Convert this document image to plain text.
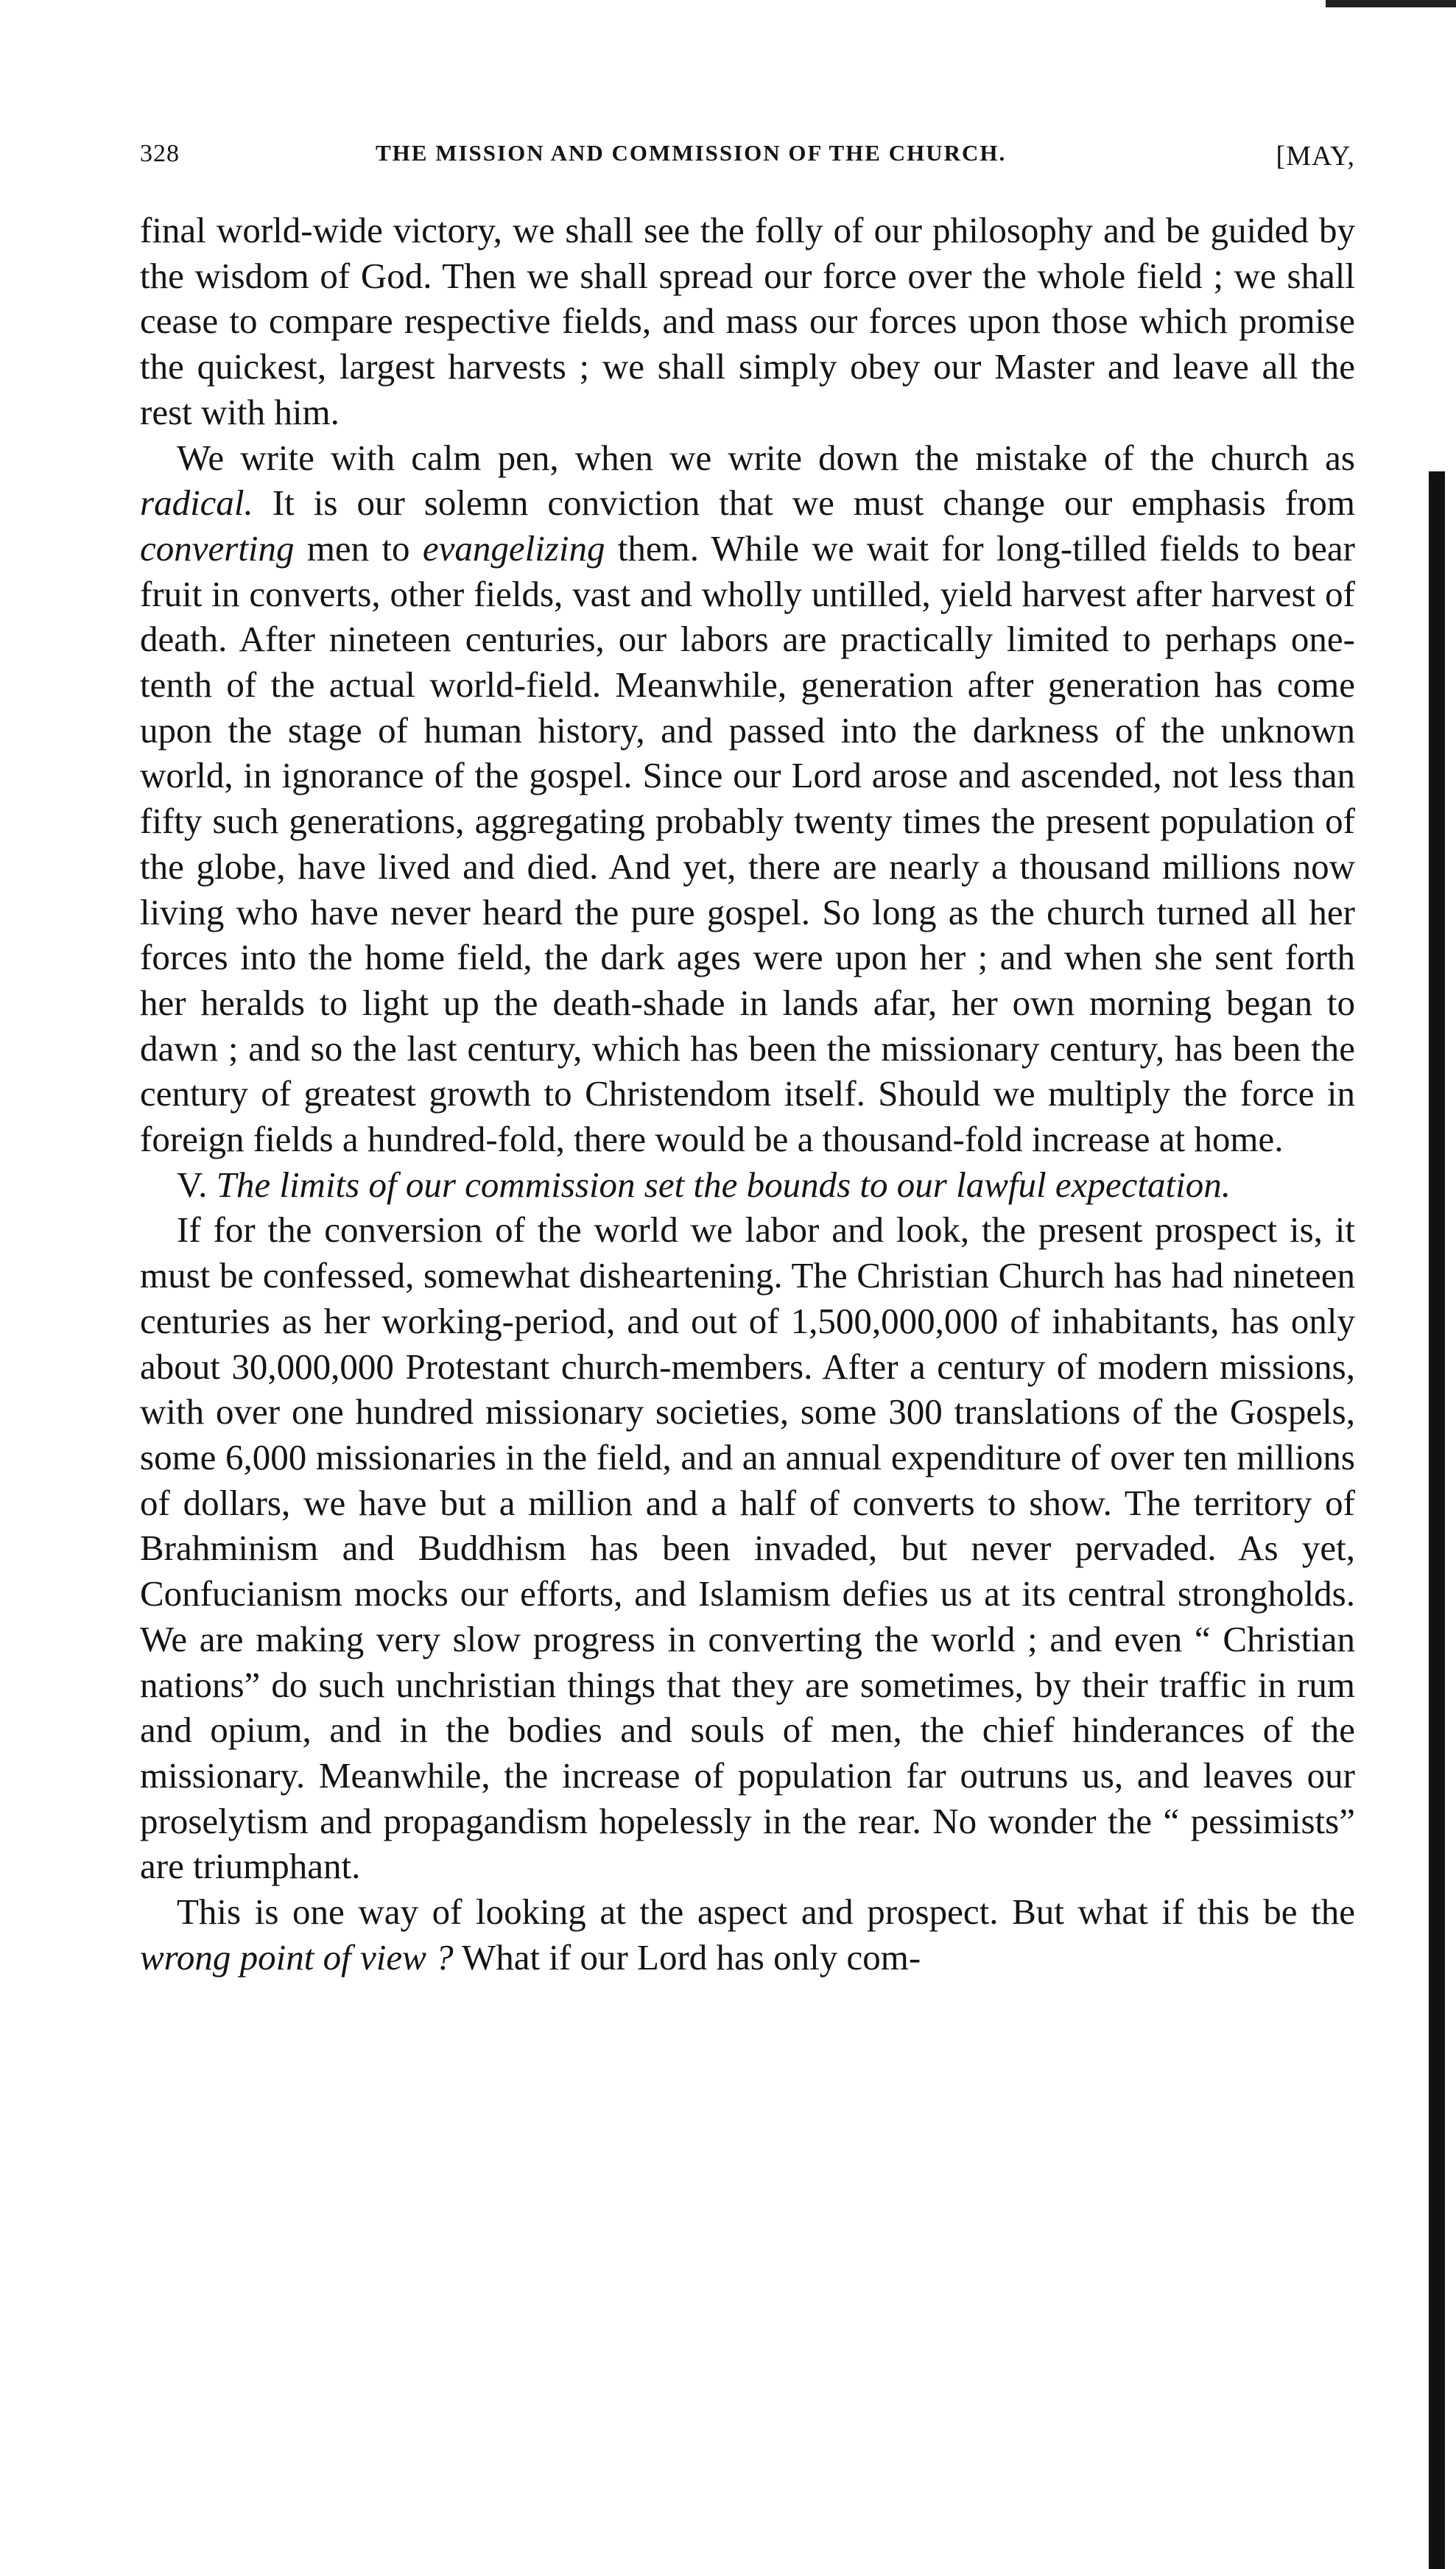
328	THE MISSION AND COMMISSION OF THE CHURCH.	[MAY,

final world-wide victory, we shall see the folly of our philosophy and be guided by the wisdom of God. Then we shall spread our force over the whole field ; we shall cease to compare respective fields, and mass our forces upon those which promise the quickest, largest harvests ; we shall simply obey our Master and leave all the rest with him.

We write with calm pen, when we write down the mistake of the church as radical. It is our solemn conviction that we must change our emphasis from converting men to evangelizing them. While we wait for long-tilled fields to bear fruit in converts, other fields, vast and wholly untilled, yield harvest after harvest of death. After nineteen centuries, our labors are practically limited to perhaps one-tenth of the actual world-field. Meanwhile, generation after generation has come upon the stage of human history, and passed into the darkness of the unknown world, in ignorance of the gospel. Since our Lord arose and ascended, not less than fifty such generations, aggregating probably twenty times the present population of the globe, have lived and died. And yet, there are nearly a thousand millions now living who have never heard the pure gospel. So long as the church turned all her forces into the home field, the dark ages were upon her ; and when she sent forth her heralds to light up the death-shade in lands afar, her own morning began to dawn ; and so the last century, which has been the missionary century, has been the century of greatest growth to Christendom itself. Should we multiply the force in foreign fields a hundred-fold, there would be a thousand-fold increase at home.

V. The limits of our commission set the bounds to our lawful expectation.

If for the conversion of the world we labor and look, the present prospect is, it must be confessed, somewhat disheartening. The Christian Church has had nineteen centuries as her working-period, and out of 1,500,000,000 of inhabitants, has only about 30,000,000 Protestant church-members. After a century of modern missions, with over one hundred missionary societies, some 300 translations of the Gospels, some 6,000 missionaries in the field, and an annual expenditure of over ten millions of dollars, we have but a million and a half of converts to show. The territory of Brahminism and Buddhism has been invaded, but never pervaded. As yet, Confucianism mocks our efforts, and Islamism defies us at its central strongholds. We are making very slow progress in converting the world ; and even “ Christian nations” do such unchristian things that they are sometimes, by their traffic in rum and opium, and in the bodies and souls of men, the chief hinderances of the missionary. Meanwhile, the increase of population far outruns us, and leaves our proselytism and propagandism hopelessly in the rear. No wonder the “ pessimists” are triumphant.

This is one way of looking at the aspect and prospect. But what if this be the wrong point of view ? What if our Lord has only com-
